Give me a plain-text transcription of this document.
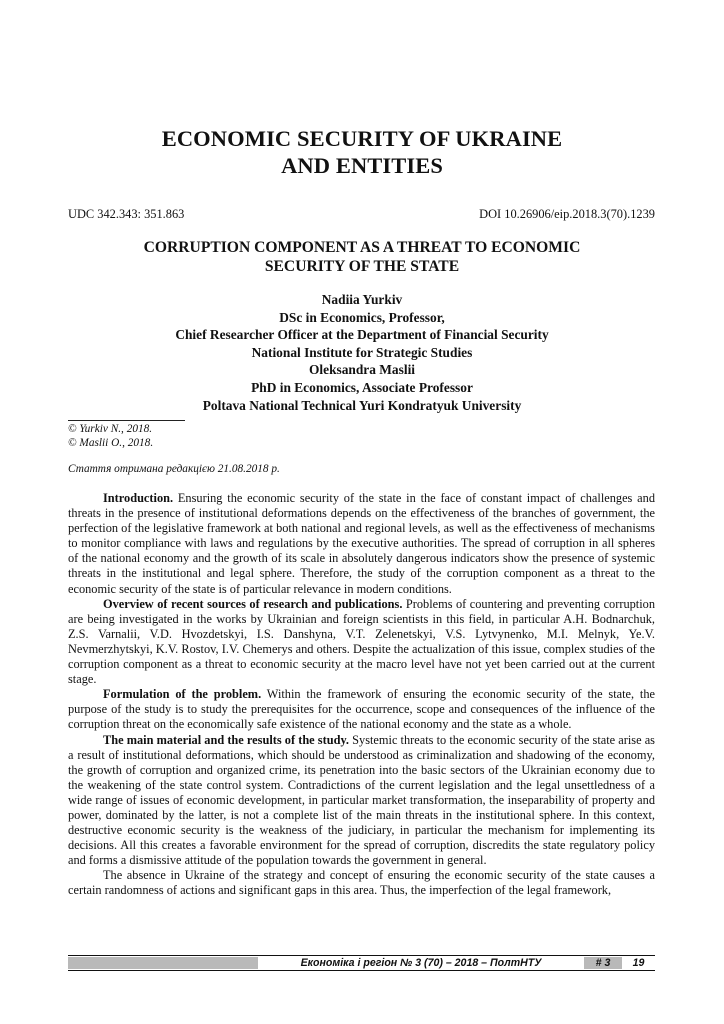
ECONOMIC SECURITY OF UKRAINE
AND ENTITIES
UDC 342.343: 351.863	DOI 10.26906/eip.2018.3(70).1239
CORRUPTION COMPONENT AS A THREAT TO ECONOMIC
SECURITY OF THE STATE
Nadiia Yurkiv
DSc in Economics, Professor,
Chief Researcher Officer at the Department of Financial Security
National Institute for Strategic Studies
Oleksandra Maslii
PhD in Economics, Associate Professor
Poltava National Technical Yuri Kondratyuk University
© Yurkiv N., 2018.
© Maslii O., 2018.
Стаття отримана редакцією 21.08.2018 р.

Introduction. Ensuring the economic security of the state in the face of constant impact of challenges and threats in the presence of institutional deformations depends on the effectiveness of the branches of government, the perfection of the legislative framework at both national and regional levels, as well as the effectiveness of mechanisms to monitor compliance with laws and regulations by the executive authorities. The spread of corruption in all spheres of the national economy and the growth of its scale in absolutely dangerous indicators show the presence of systemic threats in the institutional and legal sphere. Therefore, the study of the corruption component as a threat to the economic security of the state is of particular relevance in modern conditions.

Overview of recent sources of research and publications. Problems of countering and preventing corruption are being investigated in the works by Ukrainian and foreign scientists in this field, in particular A.H. Bodnarchuk, Z.S. Varnalii, V.D. Hvozdetskyi, I.S. Danshyna, V.T. Zelenetskyi, V.S. Lytvynenko, M.I. Melnyk, Ye.V. Nevmerzhytskyi, K.V. Rostov, I.V. Chemerys and others. Despite the actualization of this issue, complex studies of the corruption component as a threat to economic security at the macro level have not yet been carried out at the current stage.

Formulation of the problem. Within the framework of ensuring the economic security of the state, the purpose of the study is to study the prerequisites for the occurrence, scope and consequences of the influence of the corruption threat on the economically safe existence of the national economy and the state as a whole.

The main material and the results of the study. Systemic threats to the economic security of the state arise as a result of institutional deformations, which should be understood as criminalization and shadowing of the economy, the growth of corruption and organized crime, its penetration into the basic sectors of the Ukrainian economy due to the weakening of the state control system. Contradictions of the current legislation and the legal unsettledness of a wide range of issues of economic development, in particular market transformation, the inseparability of property and power, dominated by the latter, is not a complete list of the main threats in the institutional sphere. In this context, destructive economic security is the weakness of the judiciary, in particular the mechanism for implementing its decisions. All this creates a favorable environment for the spread of corruption, discredits the state regulatory policy and forms a dismissive attitude of the population towards the government in general.

The absence in Ukraine of the strategy and concept of ensuring the economic security of the state causes a certain randomness of actions and significant gaps in this area. Thus, the imperfection of the legal framework,

Економіка і регіон № 3 (70) – 2018 – ПолтНТУ	# 3	19
